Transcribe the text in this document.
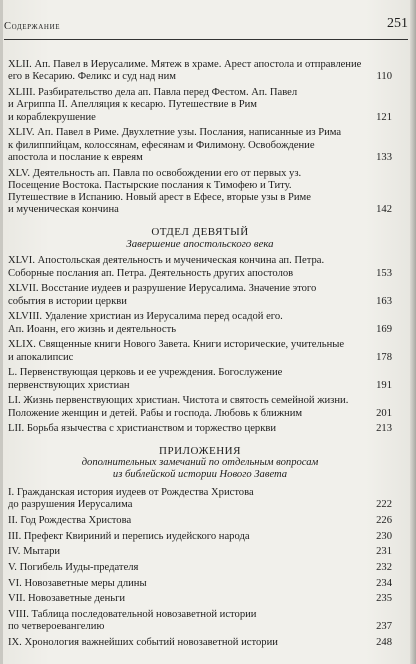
Содержание	251
XLII. Ап. Павел в Иерусалиме. Мятеж в храме. Арест апостола и отправление
его в Кесарию. Феликс и суд над ним	110
XLIII. Разбирательство дела ап. Павла перед Фестом. Ап. Павел
и Агриппа II. Апелляция к кесарю. Путешествие в Рим
и кораблекрушение	121
XLIV. Ап. Павел в Риме. Двухлетние узы. Послания, написанные из Рима
к филиппийцам, колоссянам, ефесянам и Филимону. Освобождение
апостола и послание к евреям	133
XLV. Деятельность ап. Павла по освобождении его от первых уз.
Посещение Востока. Пастырские послания к Тимофею и Титу.
Путешествие в Испанию. Новый арест в Ефесе, вторые узы в Риме
и мученическая кончина	142
ОТДЕЛ ДЕВЯТЫЙ
Завершение апостольского века
XLVI. Апостольская деятельность и мученическая кончина ап. Петра.
Соборные послания ап. Петра. Деятельность других апостолов	153
XLVII. Восстание иудеев и разрушение Иерусалима. Значение этого
события в истории церкви	163
XLVIII. Удаление христиан из Иерусалима перед осадой его.
Ап. Иоанн, его жизнь и деятельность	169
XLIX. Священные книги Нового Завета. Книги исторические, учительные
и апокалипсис	178
L. Первенствующая церковь и ее учреждения. Богослужение
первенствующих христиан	191
LI. Жизнь первенствующих христиан. Чистота и святость семейной жизни.
Положение женщин и детей. Рабы и господа. Любовь к ближним	201
LII. Борьба язычества с христианством и торжество церкви	213
ПРИЛОЖЕНИЯ
дополнительных замечаний по отдельным вопросам
из библейской истории Нового Завета
I. Гражданская история иудеев от Рождества Христова
до разрушения Иерусалима	222
II. Год Рождества Христова	226
III. Префект Квириний и перепись иудейского народа	230
IV. Мытари	231
V. Погибель Иуды-предателя	232
VI. Новозаветные меры длины	234
VII. Новозаветные деньги	235
VIII. Таблица последовательной новозаветной истории
по четвероевангелию	237
IX. Хронология важнейших событий новозаветной истории	248
